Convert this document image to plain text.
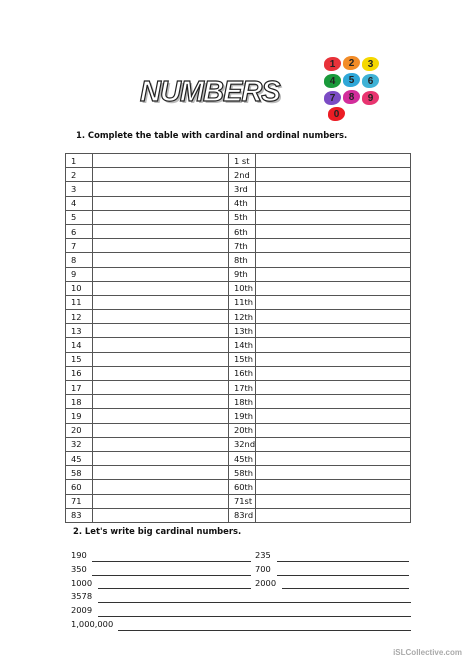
NUMBERS
1	2	3
4	5	6
7	8	9
0
1. Complete the table with cardinal and ordinal numbers.
1		1 st	
2		2nd	
3		3rd	
4		4th	
5		5th	
6		6th	
7		7th	
8		8th	
9		9th	
10		10th	
11		11th	
12		12th	
13		13th	
14		14th	
15		15th	
16		16th	
17		17th	
18		18th	
19		19th	
20		20th	
32		32nd	
45		45th	
58		58th	
60		60th	
71		71st	
83		83rd	
2. Let's write big cardinal numbers.
190	235
350	700
1000	2000
3578
2009
1,000,000
iSLCollective.com
